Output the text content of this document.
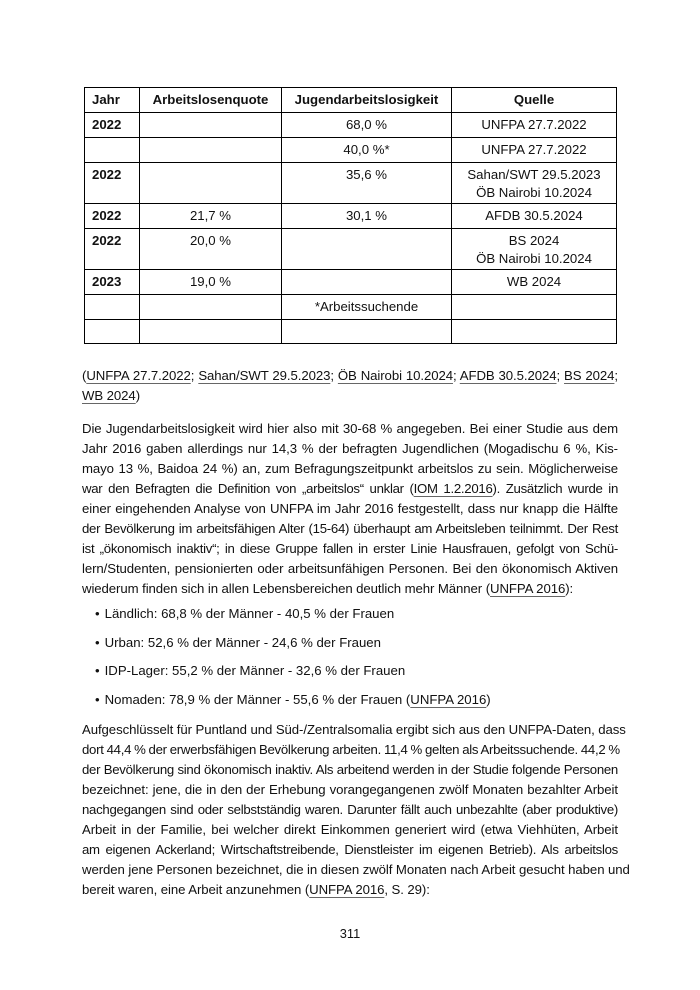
Jahr	Arbeitslosenquote	Jugendarbeitslosigkeit	Quelle
2022		68,0 %	UNFPA 27.7.2022
		40,0 %*	UNFPA 27.7.2022
2022		35,6 %	Sahan/SWT 29.5.2023
ÖB Nairobi 10.2024
2022	21,7 %	30,1 %	AFDB 30.5.2024
2022	20,0 %		BS 2024
ÖB Nairobi 10.2024
2023	19,0 %		WB 2024
		*Arbeitssuchende	

(UNFPA 27.7.2022; Sahan/SWT 29.5.2023; ÖB Nairobi 10.2024; AFDB 30.5.2024; BS 2024;
WB 2024)
Die Jugendarbeitslosigkeit wird hier also mit 30-68 % angegeben. Bei einer Studie aus dem
Jahr 2016 gaben allerdings nur 14,3 % der befragten Jugendlichen (Mogadischu 6 %, Kis-
mayo 13 %, Baidoa 24 %) an, zum Befragungszeitpunkt arbeitslos zu sein. Möglicherweise
war den Befragten die Definition von „arbeitslos“ unklar (IOM 1.2.2016). Zusätzlich wurde in
einer eingehenden Analyse von UNFPA im Jahr 2016 festgestellt, dass nur knapp die Hälfte
der Bevölkerung im arbeitsfähigen Alter (15-64) überhaupt am Arbeitsleben teilnimmt. Der Rest
ist „ökonomisch inaktiv“; in diese Gruppe fallen in erster Linie Hausfrauen, gefolgt von Schü-
lern/Studenten, pensionierten oder arbeitsunfähigen Personen. Bei den ökonomisch Aktiven
wiederum finden sich in allen Lebensbereichen deutlich mehr Männer (UNFPA 2016):
• Ländlich: 68,8 % der Männer - 40,5 % der Frauen
• Urban: 52,6 % der Männer - 24,6 % der Frauen
• IDP-Lager: 55,2 % der Männer - 32,6 % der Frauen
• Nomaden: 78,9 % der Männer - 55,6 % der Frauen (UNFPA 2016)
Aufgeschlüsselt für Puntland und Süd-/Zentralsomalia ergibt sich aus den UNFPA-Daten, dass
dort 44,4 % der erwerbsfähigen Bevölkerung arbeiten. 11,4 % gelten als Arbeitssuchende. 44,2 %
der Bevölkerung sind ökonomisch inaktiv. Als arbeitend werden in der Studie folgende Personen
bezeichnet: jene, die in den der Erhebung vorangegangenen zwölf Monaten bezahlter Arbeit
nachgegangen sind oder selbstständig waren. Darunter fällt auch unbezahlte (aber produktive)
Arbeit in der Familie, bei welcher direkt Einkommen generiert wird (etwa Viehhüten, Arbeit
am eigenen Ackerland; Wirtschaftstreibende, Dienstleister im eigenen Betrieb). Als arbeitslos
werden jene Personen bezeichnet, die in diesen zwölf Monaten nach Arbeit gesucht haben und
bereit waren, eine Arbeit anzunehmen (UNFPA 2016, S. 29):
311
